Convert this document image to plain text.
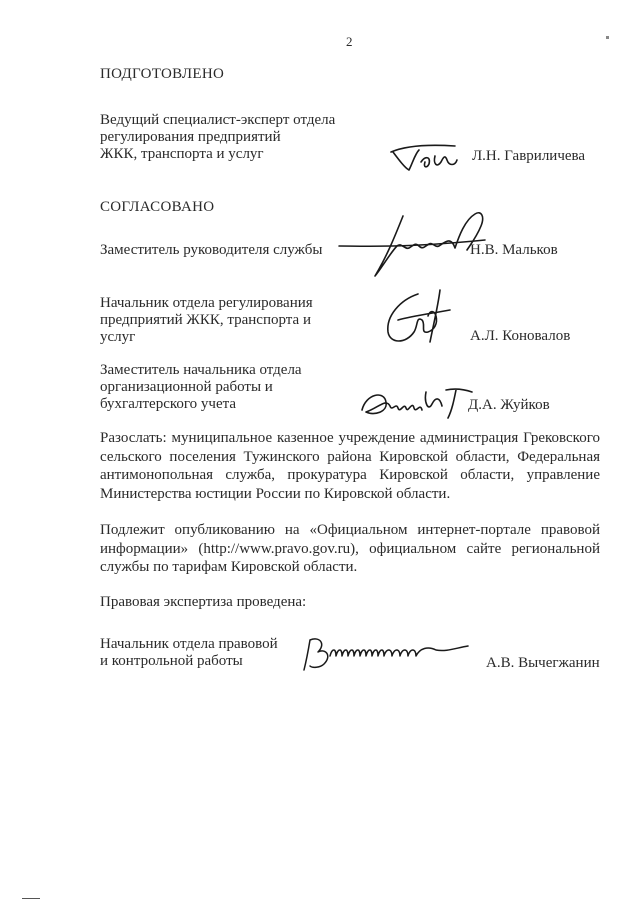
2
ПОДГОТОВЛЕНО
Ведущий специалист-эксперт отдела
регулирования предприятий
ЖКК, транспорта и услуг	Л.Н. Гавриличева
СОГЛАСОВАНО
Заместитель руководителя службы	Н.В. Мальков
Начальник отдела регулирования
предприятий ЖКК, транспорта и
услуг	А.Л. Коновалов
Заместитель начальника отдела
организационной работы и
бухгалтерского учета	Д.А. Жуйков
Разослать: муниципальное казенное учреждение администрация Грековского сельского поселения Тужинского района Кировской области, Федеральная антимонопольная служба, прокуратура Кировской области, управление Министерства юстиции России по Кировской области.
Подлежит опубликованию на «Официальном интернет-портале правовой информации» (http://www.pravo.gov.ru), официальном сайте региональной службы по тарифам Кировской области.
Правовая экспертиза проведена:
Начальник отдела правовой
и контрольной работы	А.В. Вычегжанин
